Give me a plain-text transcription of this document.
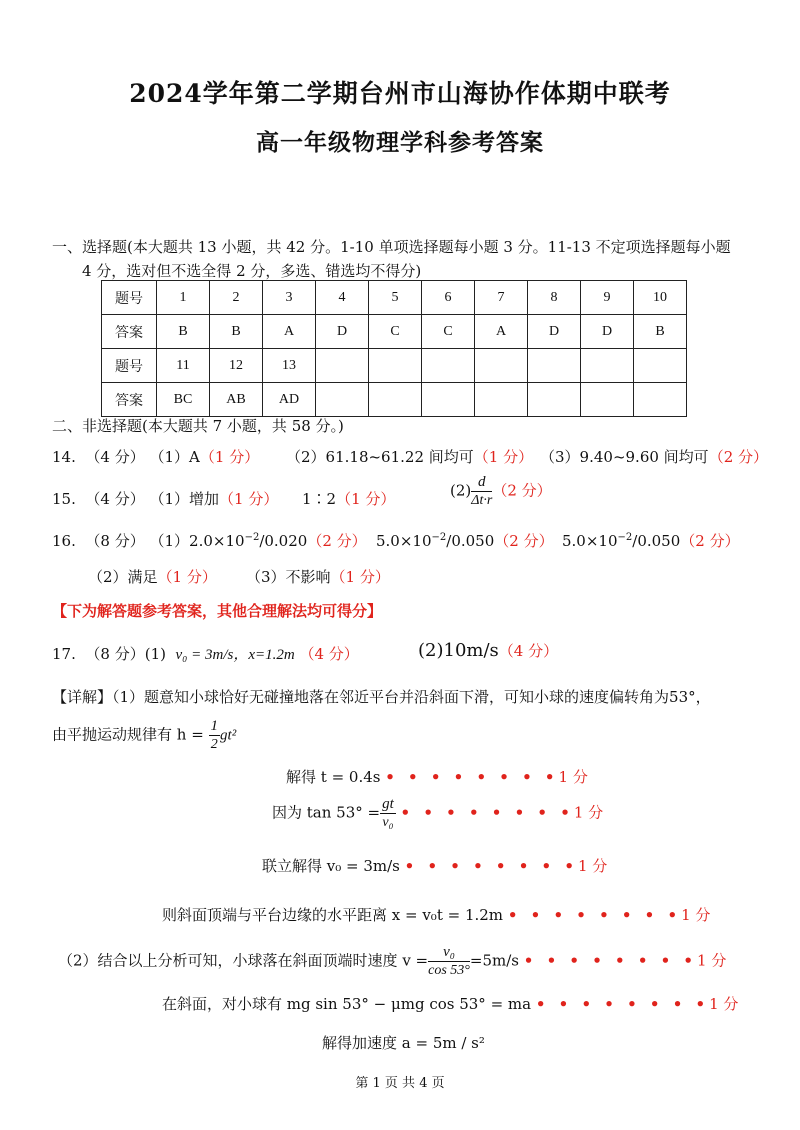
2024学年第二学期台州市山海协作体期中联考
高一年级物理学科参考答案
一、选择题(本大题共 13 小题，共 42 分。1-10 单项选择题每小题 3 分。11-13 不定项选择题每小题
4 分，选对但不选全得 2 分，多选、错选均不得分)
题号	1	2	3	4	5	6	7	8	9	10
答案	B	B	A	D	C	C	A	D	D	B
题号	11	12	13							
答案	BC	AB	AD							
二、非选择题(本大题共 7 小题，共 58 分。)
14. （4 分） （1）A（1 分） （2）61.18~61.22 间均可（1 分） （3）9.40~9.60 间均可（2 分）
15. （4 分） （1）增加（1 分） 1∶2（1 分）	$(2) \frac{d}{\Delta t\cdot r} (2$ 分）
16. （8 分） $(1)2.0\times 10^{-2}/0.020(2$ 分） $5.0\times 10^{-2}/0.050(2$ 分） $5.0\times 10^{-2}/0.050(2$ 分）
（2）满足（1 分） （3）不影响（1 分）
【下为解答题参考答案，其他合理解法均可得分】
17. （8 分）(1) v₀ = 3m/s，x=1.2m （4 分）	(2)10m/s（4 分）
【详解】（1）题意知小球恰好无碰撞地落在邻近平台并沿斜面下滑，可知小球的速度偏转角为53°，
由平抛运动规律有 $h = \frac{1}{2} gt^2$
解得 t = 0.4s • • • • • • • •1 分
因为 $\tan 53^\circ = \frac{gt}{\text{v₀}}$ • • • • • • • •1 分
联立解得 v₀ = 3m/s • • • • • • • •1 分
则斜面顶端与平台边缘的水平距离 x = v₀t = 1.2m • • • • • • • •1 分
（2）结合以上分析可知，小球落在斜面顶端时速度 $v = \frac{\text{v₀}}{\cos 53^\circ} =5m/s$ • • • • • • • •1 分
在斜面，对小球有 mg sin 53° − μmg cos 53° = ma • • • • • • • •1 分
解得加速度 a = 5m / s²
第 1 页 共 4 页
